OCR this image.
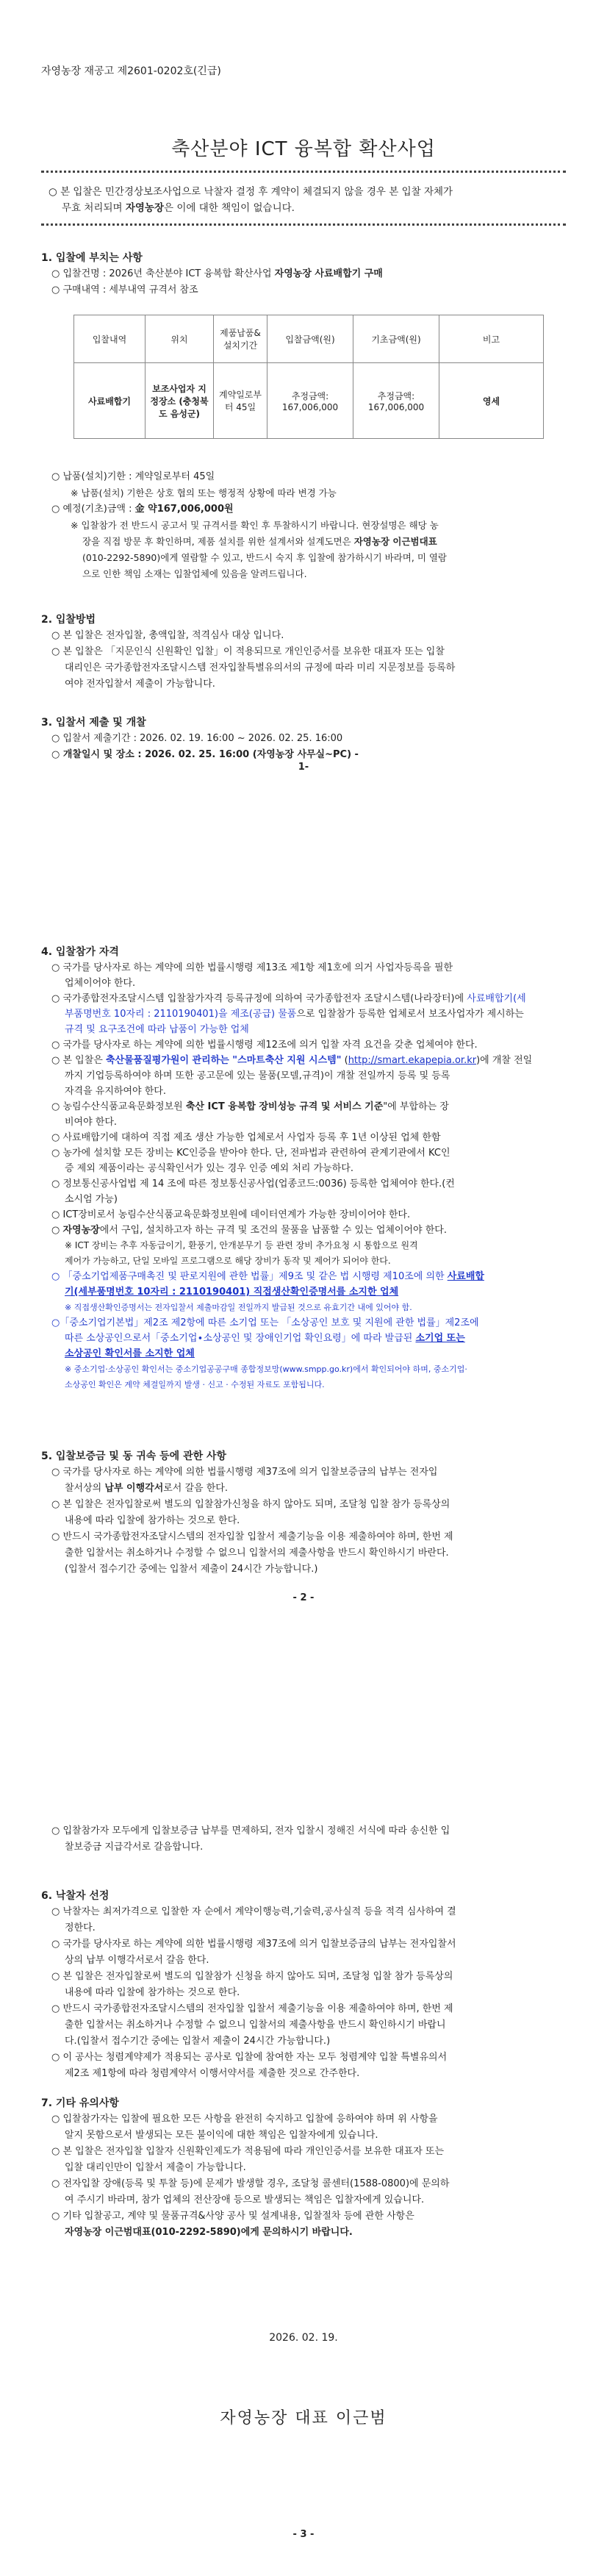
자영농장 재공고 제2601-0202호(긴급)
축산분야 ICT 융복합 확산사업
○ 본 입찰은 민간경상보조사업으로 낙찰자 결정 후 계약이 체결되지 않을 경우 본 입찰 자체가
무효 처리되며 자영농장은 이에 대한 책임이 없습니다.
1. 입찰에 부치는 사항
○ 입찰건명 : 2026년 축산분야 ICT 융복합 확산사업 자영농장 사료배합기 구매
○ 구매내역 : 세부내역 규격서 참조
입찰내역	위치	제품납품&설치기간	입찰금액(원)	기초금액(원)	비고
사료배합기	보조사업자 지정장소 (충청북도 음성군)	계약일로부터 45일	추정금액: 167,006,000	추정금액: 167,006,000	영세
○ 납품(설치)기한 : 계약일로부터 45일
※ 납품(설치) 기한은 상호 협의 또는 행정적 상황에 따라 변경 가능
○ 예정(기초)금액 : 金 약167,006,000원
※ 입찰참가 전 반드시 공고서 및 규격서를 확인 후 투찰하시기 바랍니다. 현장설명은 해당 농
장을 직접 방문 후 확인하며, 제품 설치를 위한 설계서와 설계도면은 자영농장 이근범대표
(010-2292-5890)에게 열람할 수 있고, 반드시 숙지 후 입찰에 참가하시기 바라며, 미 열람
으로 인한 책임 소재는 입찰업체에 있음을 알려드립니다.
2. 입찰방법
○ 본 입찰은 전자입찰, 총액입찰, 적격심사 대상 입니다.
○ 본 입찰은 「지문인식 신원확인 입찰」이 적용되므로 개인인증서를 보유한 대표자 또는 입찰
대리인은 국가종합전자조달시스템 전자입찰특별유의서의 규정에 따라 미리 지문정보를 등록하
여야 전자입찰서 제출이 가능합니다.
3. 입찰서 제출 및 개찰
○ 입찰서 제출기간 : 2026. 02. 19. 16:00 ~ 2026. 02. 25. 16:00
○ 개찰일시 및 장소 : 2026. 02. 25. 16:00 (자영농장 사무실~PC) -
1-
4. 입찰참가 자격
○ 국가를 당사자로 하는 계약에 의한 법률시행령 제13조 제1항 제1호에 의거 사업자등록을 필한
업체이어야 한다.
○ 국가종합전자조달시스템 입찰참가자격 등록규정에 의하여 국가종합전자 조달시스템(나라장터)에 사료배합기(세
부품명번호 10자리 : 2110190401)을 제조(공급) 물품으로 입찰참가 등록한 업체로서 보조사업자가 제시하는
규격 및 요구조건에 따라 납품이 가능한 업체
○ 국가를 당사자로 하는 계약에 의한 법률시행령 제12조에 의거 입찰 자격 요건을 갖춘 업체여야 한다.
○ 본 입찰은 축산물품질평가원이 관리하는 "스마트축산 지원 시스템" (http://smart.ekapepia.or.kr)에 개찰 전일
까지 기업등록하여야 하며 또한 공고문에 있는 물품(모델,규격)이 개찰 전일까지 등록 및 등록
자격을 유지하여야 한다.
○ 농림수산식품교육문화정보원 축산 ICT 융복합 장비성능 규격 및 서비스 기준"에 부합하는 장
비여야 한다.
○ 사료배합기에 대하여 직접 제조 생산 가능한 업체로서 사업자 등록 후 1년 이상된 업체 한함
○ 농가에 설치할 모든 장비는 KC인증을 받아야 한다. 단, 전파법과 관련하여 관계기관에서 KC인
증 제외 제품이라는 공식확인서가 있는 경우 인증 예외 처리 가능하다.
○ 정보통신공사업법 제 14 조에 따른 정보통신공사업(업종코드:0036) 등록한 업체여야 한다.(컨
소시엄 가능)
○ ICT장비로서 농림수산식품교육문화정보원에 데이터연계가 가능한 장비이어야 한다.
○ 자영농장에서 구입, 설치하고자 하는 규격 및 조건의 물품을 납품할 수 있는 업체이어야 한다.
※ ICT 장비는 추후 자동급이기, 환풍기, 안개분무기 등 관련 장비 추가요청 시 통합으로 원격
제어가 가능하고, 단일 모바일 프로그램으로 해당 장비가 동작 및 제어가 되어야 한다.
○ 「중소기업제품구매촉진 및 판로지원에 관한 법률」제9조 및 같은 법 시행령 제10조에 의한 사료배합
기(세부품명번호 10자리 : 2110190401) 직접생산확인증명서를 소지한 업체
※ 직접생산확인증명서는 전자입찰서 제출마감일 전일까지 발급된 것으로 유효기간 내에 있어야 함.
○「중소기업기본법」제2조 제2항에 따른 소기업 또는 「소상공인 보호 및 지원에 관한 법률」제2조에
따른 소상공인으로서「중소기업∙소상공인 및 장애인기업 확인요령」에 따라 발급된 소기업 또는
소상공인 확인서를 소지한 업체
※ 중소기업‧소상공인 확인서는 중소기업공공구매 종합정보망(www.smpp.go.kr)에서 확인되어야 하며, 중소기업‧
소상공인 확인은 계약 체결일까지 발생 ‧ 신고 ‧ 수정된 자료도 포함됩니다.
5. 입찰보증금 및 동 귀속 등에 관한 사항
○ 국가를 당사자로 하는 계약에 의한 법률시행령 제37조에 의거 입찰보증금의 납부는 전자입
찰서상의 납부 이행각서로서 갈음 한다.
○ 본 입찰은 전자입찰로써 별도의 입찰참가신청을 하지 않아도 되며, 조달청 입찰 참가 등록상의
내용에 따라 입찰에 참가하는 것으로 한다.
○ 반드시 국가종합전자조달시스템의 전자입찰 입찰서 제출기능을 이용 제출하여야 하며, 한번 제
출한 입찰서는 취소하거나 수정할 수 없으니 입찰서의 제출사항을 반드시 확인하시기 바란다.
(입찰서 접수기간 중에는 입찰서 제출이 24시간 가능합니다.)
- 2 -
○ 입찰참가자 모두에게 입찰보증금 납부를 면제하되, 전자 입찰시 정해진 서식에 따라 송신한 입
찰보증금 지급각서로 갈음합니다.
6. 낙찰자 선정
○ 낙찰자는 최저가격으로 입찰한 자 순에서 계약이행능력,기술력,공사실적 등을 적격 심사하여 결
정한다.
○ 국가를 당사자로 하는 계약에 의한 법률시행령 제37조에 의거 입찰보증금의 납부는 전자입찰서
상의 납부 이행각서로서 갈음 한다.
○ 본 입찰은 전자입찰로써 별도의 입찰참가 신청을 하지 않아도 되며, 조달청 입찰 참가 등록상의
내용에 따라 입찰에 참가하는 것으로 한다.
○ 반드시 국가종합전자조달시스템의 전자입찰 입찰서 제출기능을 이용 제출하여야 하며, 한번 제
출한 입찰서는 취소하거나 수정할 수 없으니 입찰서의 제출사항을 반드시 확인하시기 바랍니
다.(입찰서 접수기간 중에는 입찰서 제출이 24시간 가능합니다.)
○ 이 공사는 청렴계약제가 적용되는 공사로 입찰에 참여한 자는 모두 청렴계약 입찰 특별유의서
제2조 제1항에 따라 청렴계약서 이행서약서를 제출한 것으로 간주한다.
7. 기타 유의사항
○ 입찰참가자는 입찰에 필요한 모든 사항을 완전히 숙지하고 입찰에 응하여야 하며 위 사항을
알지 못함으로서 발생되는 모든 불이익에 대한 책임은 입찰자에게 있습니다.
○ 본 입찰은 전자입찰 입찰자 신원확인제도가 적용됨에 따라 개인인증서를 보유한 대표자 또는
입찰 대리인만이 입찰서 제출이 가능합니다.
○ 전자입찰 장애(등록 및 투찰 등)에 문제가 발생할 경우, 조달청 콜센터(1588-0800)에 문의하
여 주시기 바라며, 참가 업체의 전산장애 등으로 발생되는 책임은 입찰자에게 있습니다.
○ 기타 입찰공고, 계약 및 물품규격&사양 공사 및 설계내용, 입찰절차 등에 관한 사항은
자영농장 이근범대표(010-2292-5890)에게 문의하시기 바랍니다.
2026. 02. 19.
자영농장 대표 이근범
- 3 -
